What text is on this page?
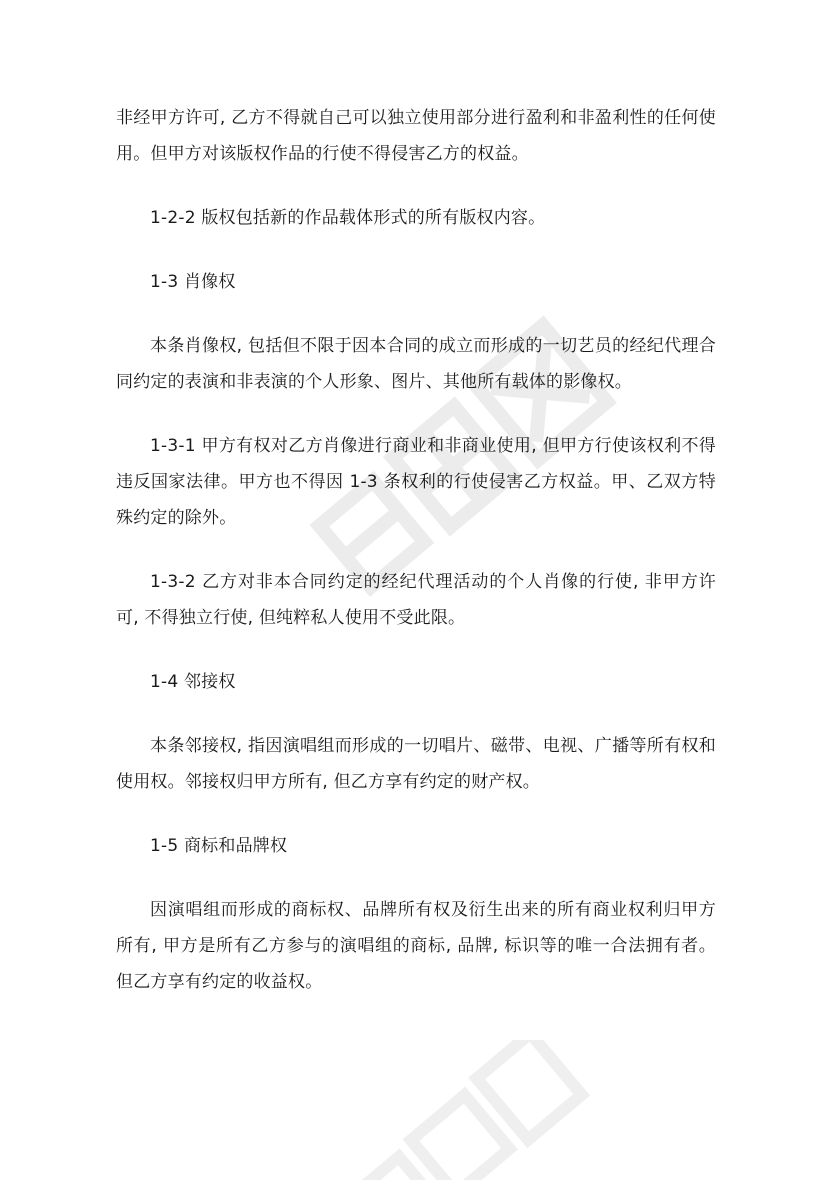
非经甲方许可, 乙方不得就自己可以独立使用部分进行盈利和非盈利性的任何使用。但甲方对该版权作品的行使不得侵害乙方的权益。

1-2-2 版权包括新的作品载体形式的所有版权内容。

1-3 肖像权

本条肖像权, 包括但不限于因本合同的成立而形成的一切艺员的经纪代理合同约定的表演和非表演的个人形象、图片、其他所有载体的影像权。

1-3-1 甲方有权对乙方肖像进行商业和非商业使用, 但甲方行使该权利不得违反国家法律。甲方也不得因 1-3 条权利的行使侵害乙方权益。甲、乙双方特殊约定的除外。

1-3-2 乙方对非本合同约定的经纪代理活动的个人肖像的行使, 非甲方许可, 不得独立行使, 但纯粹私人使用不受此限。

1-4 邻接权

本条邻接权, 指因演唱组而形成的一切唱片、磁带、电视、广播等所有权和使用权。邻接权归甲方所有, 但乙方享有约定的财产权。

1-5 商标和品牌权

因演唱组而形成的商标权、品牌所有权及衍生出来的所有商业权利归甲方所有, 甲方是所有乙方参与的演唱组的商标, 品牌, 标识等的唯一合法拥有者。但乙方享有约定的收益权。
